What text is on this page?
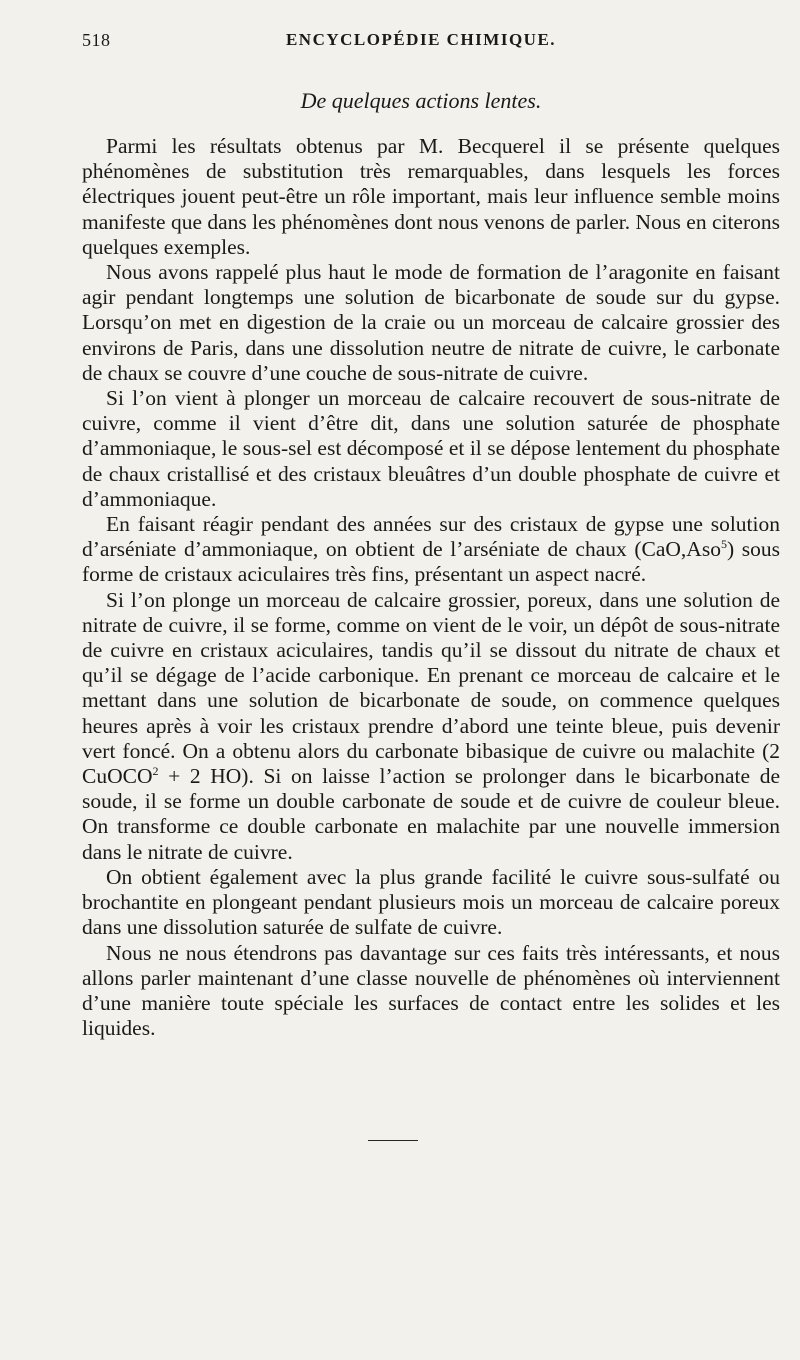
518	ENCYCLOPÉDIE CHIMIQUE.
De quelques actions lentes.

Parmi les résultats obtenus par M. Becquerel il se présente quelques phénomènes de substitution très remarquables, dans lesquels les forces électriques jouent peut-être un rôle important, mais leur influence semble moins manifeste que dans les phénomènes dont nous venons de parler. Nous en citerons quelques exemples.

Nous avons rappelé plus haut le mode de formation de l’aragonite en faisant agir pendant longtemps une solution de bicarbonate de soude sur du gypse. Lorsqu’on met en digestion de la craie ou un morceau de calcaire grossier des environs de Paris, dans une dissolution neutre de nitrate de cuivre, le carbonate de chaux se couvre d’une couche de sous-nitrate de cuivre.

Si l’on vient à plonger un morceau de calcaire recouvert de sous-nitrate de cuivre, comme il vient d’être dit, dans une solution saturée de phosphate d’ammoniaque, le sous-sel est décomposé et il se dépose lentement du phosphate de chaux cristallisé et des cristaux bleuâtres d’un double phosphate de cuivre et d’ammoniaque.

En faisant réagir pendant des années sur des cristaux de gypse une solution d’arséniate d’ammoniaque, on obtient de l’arséniate de chaux (CaO,Aso$^5$) sous forme de cristaux aciculaires très fins, présentant un aspect nacré.

Si l’on plonge un morceau de calcaire grossier, poreux, dans une solution de nitrate de cuivre, il se forme, comme on vient de le voir, un dépôt de sous-nitrate de cuivre en cristaux aciculaires, tandis qu’il se dissout du nitrate de chaux et qu’il se dégage de l’acide carbonique. En prenant ce morceau de calcaire et le mettant dans une solution de bicarbonate de soude, on commence quelques heures après à voir les cristaux prendre d’abord une teinte bleue, puis devenir vert foncé. On a obtenu alors du carbonate bibasique de cuivre ou malachite (2 CuOCO$^2$ + 2 HO). Si on laisse l’action se prolonger dans le bicarbonate de soude, il se forme un double carbonate de soude et de cuivre de couleur bleue. On transforme ce double carbonate en malachite par une nouvelle immersion dans le nitrate de cuivre.

On obtient également avec la plus grande facilité le cuivre sous-sulfaté ou brochantite en plongeant pendant plusieurs mois un morceau de calcaire poreux dans une dissolution saturée de sulfate de cuivre.

Nous ne nous étendrons pas davantage sur ces faits très intéressants, et nous allons parler maintenant d’une classe nouvelle de phénomènes où interviennent d’une manière toute spéciale les surfaces de contact entre les solides et les liquides.
